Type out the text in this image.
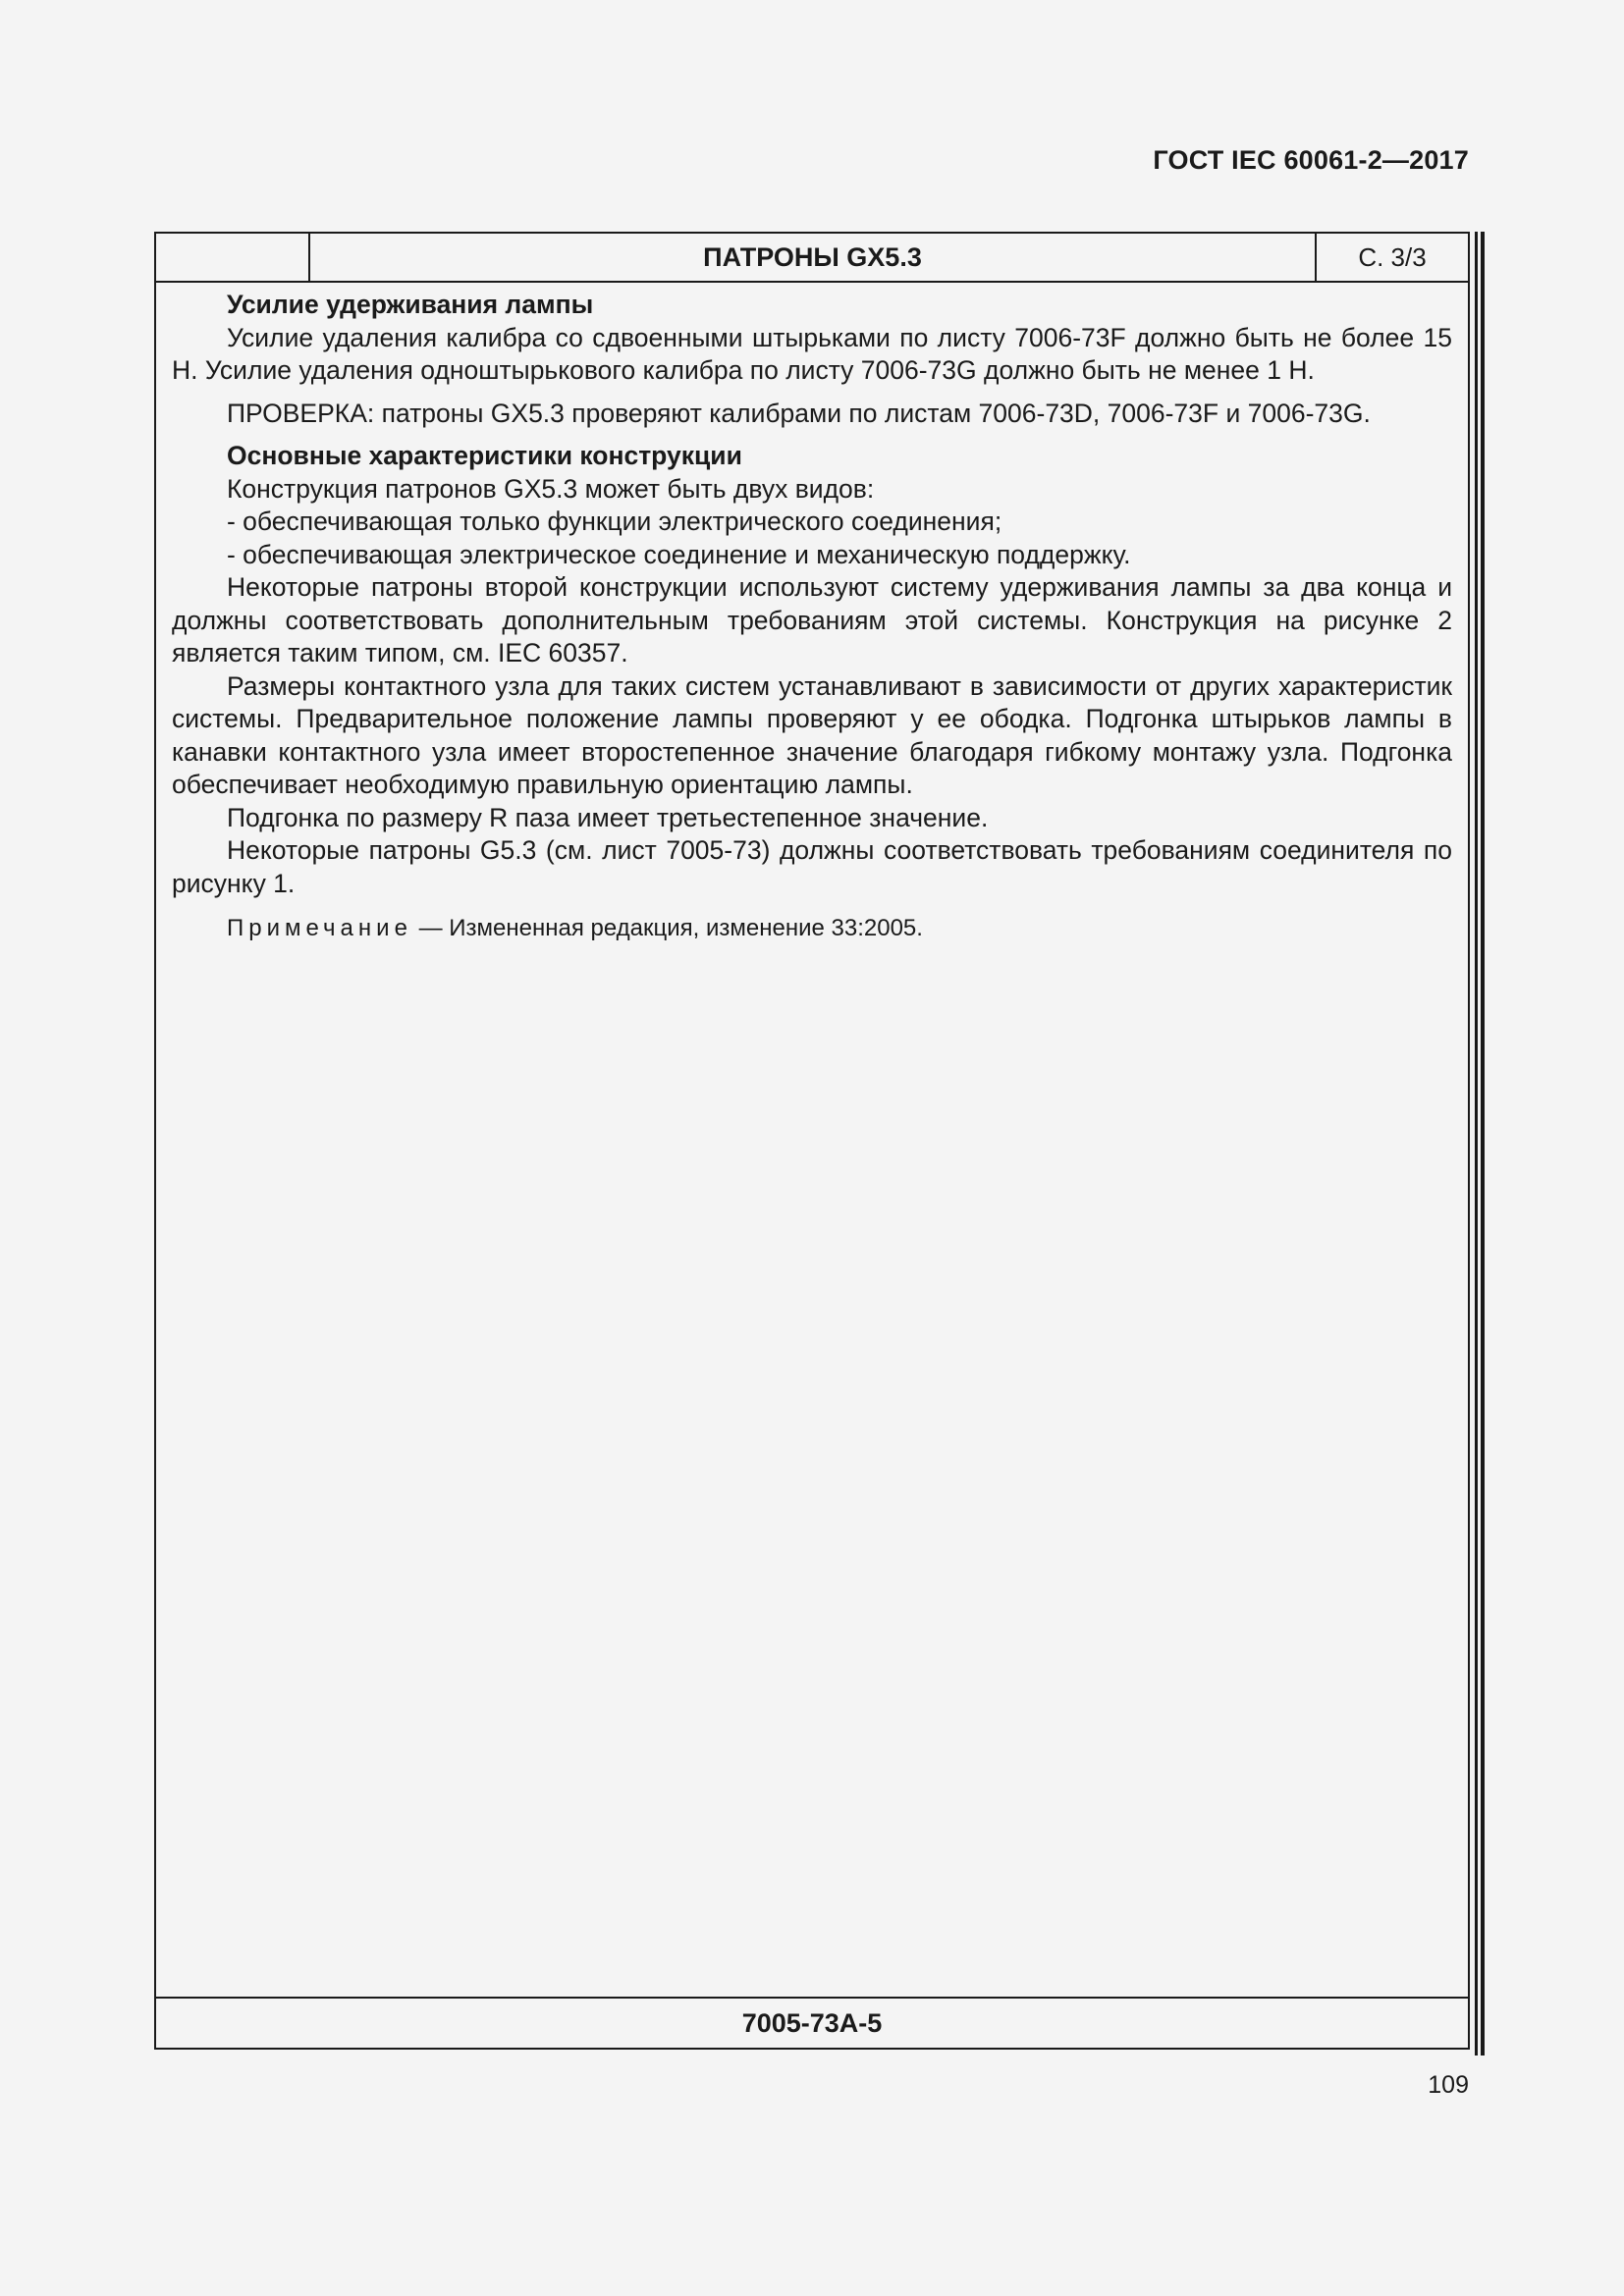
ГОСТ IEC 60061-2—2017
ПАТРОНЫ GX5.3	С. 3/3

Усилие удерживания лампы

Усилие удаления калибра со сдвоенными штырьками по листу 7006-73F должно быть не более 15 Н. Усилие удаления одноштырькового калибра по листу 7006-73G должно быть не менее 1 Н.

ПРОВЕРКА: патроны GX5.3 проверяют калибрами по листам 7006-73D, 7006-73F и 7006-73G.

Основные характеристики конструкции

Конструкция патронов GX5.3 может быть двух видов:

- обеспечивающая только функции электрического соединения;

- обеспечивающая электрическое соединение и механическую поддержку.

Некоторые патроны второй конструкции используют систему удерживания лампы за два конца и должны соответствовать дополнительным требованиям этой системы. Конструкция на рисунке 2 является таким типом, см. IEC 60357.

Размеры контактного узла для таких систем устанавливают в зависимости от других характеристик системы. Предварительное положение лампы проверяют у ее ободка. Подгонка штырьков лампы в канавки контактного узла имеет второстепенное значение благодаря гибкому монтажу узла. Подгонка обеспечивает необходимую правильную ориентацию лампы.

Подгонка по размеру R паза имеет третьестепенное значение.

Некоторые патроны G5.3 (см. лист 7005-73) должны соответствовать требованиям соединителя по рисунку 1.

Примечание — Измененная редакция, изменение 33:2005.

7005-73A-5
109
